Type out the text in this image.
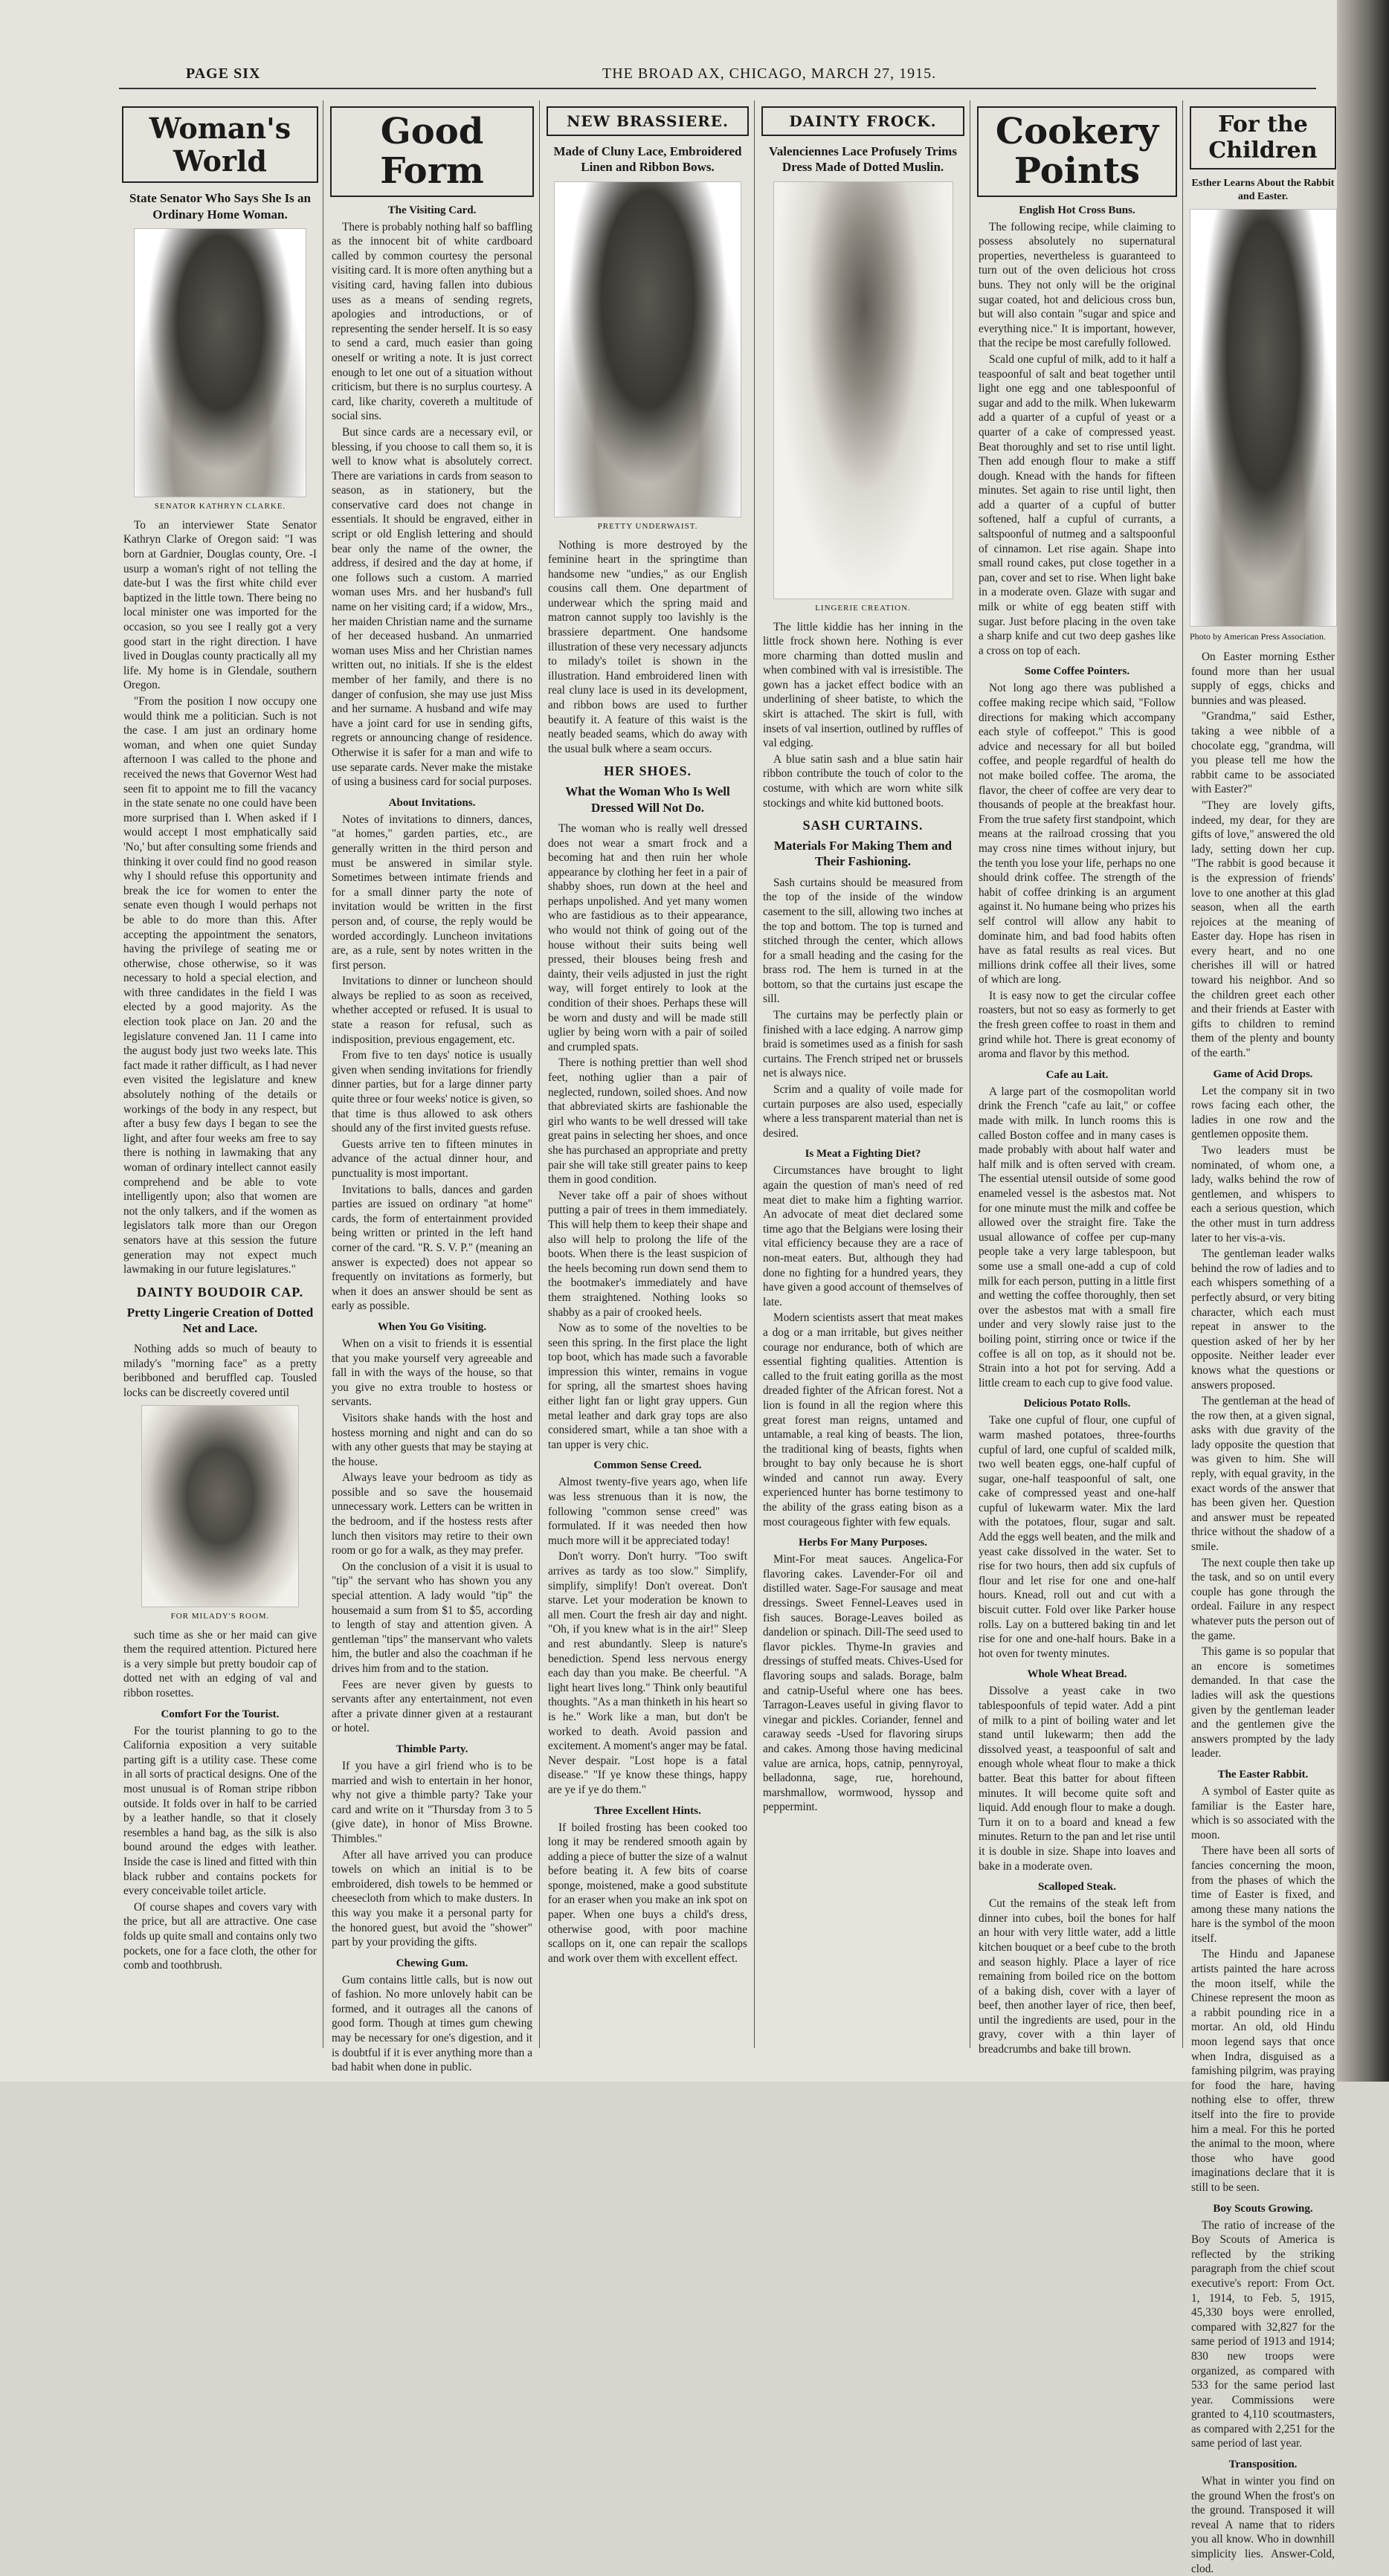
PAGE SIX	THE BROAD AX, CHICAGO, MARCH 27, 1915.
Woman's World
State Senator Who Says She Is an Ordinary Home Woman.
SENATOR KATHRYN CLARKE.
To an interviewer State Senator Kathryn Clarke of Oregon said: "I was born at Gardnier, Douglas county, Ore. -I usurp a woman's right of not telling the date-but I was the first white child ever baptized in the little town. There being no local minister one was imported for the occasion, so you see I really got a very good start in the right direction. I have lived in Douglas county practically all my life. My home is in Glendale, southern Oregon.
"From the position I now occupy one would think me a politician. Such is not the case. I am just an ordinary home woman, and when one quiet Sunday afternoon I was called to the phone and received the news that Governor West had seen fit to appoint me to fill the vacancy in the state senate no one could have been more surprised than I. When asked if I would accept I most emphatically said 'No,' but after consulting some friends and thinking it over could find no good reason why I should refuse this opportunity and break the ice for women to enter the senate even though I would perhaps not be able to do more than this. After accepting the appointment the senators, having the privilege of seating me or otherwise, chose otherwise, so it was necessary to hold a special election, and with three candidates in the field I was elected by a good majority. As the election took place on Jan. 20 and the legislature convened Jan. 11 I came into the august body just two weeks late. This fact made it rather difficult, as I had never even visited the legislature and knew absolutely nothing of the details or workings of the body in any respect, but after a busy few days I began to see the light, and after four weeks am free to say there is nothing in lawmaking that any woman of ordinary intellect cannot easily comprehend and be able to vote intelligently upon; also that women are not the only talkers, and if the women as legislators talk more than our Oregon senators have at this session the future generation may not expect much lawmaking in our future legislatures."
DAINTY BOUDOIR CAP.
Pretty Lingerie Creation of Dotted Net and Lace.
Nothing adds so much of beauty to milady's "morning face" as a pretty beribboned and beruffled cap. Tousled locks can be discreetly covered until
FOR MILADY'S ROOM.
such time as she or her maid can give them the required attention. Pictured here is a very simple but pretty boudoir cap of dotted net with an edging of val and ribbon rosettes.
Comfort For the Tourist.
For the tourist planning to go to the California exposition a very suitable parting gift is a utility case. These come in all sorts of practical designs. One of the most unusual is of Roman stripe ribbon outside. It folds over in half to be carried by a leather handle, so that it closely resembles a hand bag, as the silk is also bound around the edges with leather. Inside the case is lined and fitted with thin black rubber and contains pockets for every conceivable toilet article.
Of course shapes and covers vary with the price, but all are attractive. One case folds up quite small and contains only two pockets, one for a face cloth, the other for comb and toothbrush.
Good Form
The Visiting Card.
There is probably nothing half so baffling as the innocent bit of white cardboard called by common courtesy the personal visiting card. It is more often anything but a visiting card, having fallen into dubious uses as a means of sending regrets, apologies and introductions, or of representing the sender herself. It is so easy to send a card, much easier than going oneself or writing a note. It is just correct enough to let one out of a situation without criticism, but there is no surplus courtesy. A card, like charity, covereth a multitude of social sins.
But since cards are a necessary evil, or blessing, if you choose to call them so, it is well to know what is absolutely correct. There are variations in cards from season to season, as in stationery, but the conservative card does not change in essentials. It should be engraved, either in script or old English lettering and should bear only the name of the owner, the address, if desired and the day at home, if one follows such a custom. A married woman uses Mrs. and her husband's full name on her visiting card; if a widow, Mrs., her maiden Christian name and the surname of her deceased husband. An unmarried woman uses Miss and her Christian names written out, no initials. If she is the eldest member of her family, and there is no danger of confusion, she may use just Miss and her surname. A husband and wife may have a joint card for use in sending gifts, regrets or announcing change of residence. Otherwise it is safer for a man and wife to use separate cards. Never make the mistake of using a business card for social purposes.
About Invitations.
Notes of invitations to dinners, dances, "at homes," garden parties, etc., are generally written in the third person and must be answered in similar style. Sometimes between intimate friends and for a small dinner party the note of invitation would be written in the first person and, of course, the reply would be worded accordingly. Luncheon invitations are, as a rule, sent by notes written in the first person.
Invitations to dinner or luncheon should always be replied to as soon as received, whether accepted or refused. It is usual to state a reason for refusal, such as indisposition, previous engagement, etc.
From five to ten days' notice is usually given when sending invitations for friendly dinner parties, but for a large dinner party quite three or four weeks' notice is given, so that time is thus allowed to ask others should any of the first invited guests refuse.
Guests arrive ten to fifteen minutes in advance of the actual dinner hour, and punctuality is most important.
Invitations to balls, dances and garden parties are issued on ordinary "at home" cards, the form of entertainment provided being written or printed in the left hand corner of the card. "R. S. V. P." (meaning an answer is expected) does not appear so frequently on invitations as formerly, but when it does an answer should be sent as early as possible.
When You Go Visiting.
When on a visit to friends it is essential that you make yourself very agreeable and fall in with the ways of the house, so that you give no extra trouble to hostess or servants.
Visitors shake hands with the host and hostess morning and night and can do so with any other guests that may be staying at the house.
Always leave your bedroom as tidy as possible and so save the housemaid unnecessary work. Letters can be written in the bedroom, and if the hostess rests after lunch then visitors may retire to their own room or go for a walk, as they may prefer.
On the conclusion of a visit it is usual to "tip" the servant who has shown you any special attention. A lady would "tip" the housemaid a sum from $1 to $5, according to length of stay and attention given. A gentleman "tips" the manservant who valets him, the butler and also the coachman if he drives him from and to the station.
Fees are never given by guests to servants after any entertainment, not even after a private dinner given at a restaurant or hotel.
Thimble Party.
If you have a girl friend who is to be married and wish to entertain in her honor, why not give a thimble party? Take your card and write on it "Thursday from 3 to 5 (give date), in honor of Miss Browne. Thimbles."
After all have arrived you can produce towels on which an initial is to be embroidered, dish towels to be hemmed or cheesecloth from which to make dusters. In this way you make it a personal party for the honored guest, but avoid the "shower" part by your providing the gifts.
Chewing Gum.
Gum contains little calls, but is now out of fashion. No more unlovely habit can be formed, and it outrages all the canons of good form. Though at times gum chewing may be necessary for one's digestion, and it is doubtful if it is ever anything more than a bad habit when done in public.
NEW BRASSIERE.
Made of Cluny Lace, Embroidered Linen and Ribbon Bows.
PRETTY UNDERWAIST.
Nothing is more destroyed by the feminine heart in the springtime than handsome new "undies," as our English cousins call them. One department of underwear which the spring maid and matron cannot supply too lavishly is the brassiere department. One handsome illustration of these very necessary adjuncts to milady's toilet is shown in the illustration. Hand embroidered linen with real cluny lace is used in its development, and ribbon bows are used to further beautify it. A feature of this waist is the neatly beaded seams, which do away with the usual bulk where a seam occurs.
HER SHOES.
What the Woman Who Is Well Dressed Will Not Do.
The woman who is really well dressed does not wear a smart frock and a becoming hat and then ruin her whole appearance by clothing her feet in a pair of shabby shoes, run down at the heel and perhaps unpolished. And yet many women who are fastidious as to their appearance, who would not think of going out of the house without their suits being well pressed, their blouses being fresh and dainty, their veils adjusted in just the right way, will forget entirely to look at the condition of their shoes. Perhaps these will be worn and dusty and will be made still uglier by being worn with a pair of soiled and crumpled spats.
There is nothing prettier than well shod feet, nothing uglier than a pair of neglected, rundown, soiled shoes. And now that abbreviated skirts are fashionable the girl who wants to be well dressed will take great pains in selecting her shoes, and once she has purchased an appropriate and pretty pair she will take still greater pains to keep them in good condition.
Never take off a pair of shoes without putting a pair of trees in them immediately. This will help them to keep their shape and also will help to prolong the life of the boots. When there is the least suspicion of the heels becoming run down send them to the bootmaker's immediately and have them straightened. Nothing looks so shabby as a pair of crooked heels.
Now as to some of the novelties to be seen this spring. In the first place the light top boot, which has made such a favorable impression this winter, remains in vogue for spring, all the smartest shoes having either light fan or light gray uppers. Gun metal leather and dark gray tops are also considered smart, while a tan shoe with a tan upper is very chic.
Common Sense Creed.
Almost twenty-five years ago, when life was less strenuous than it is now, the following "common sense creed" was formulated. If it was needed then how much more will it be appreciated today!
Don't worry. Don't hurry. "Too swift arrives as tardy as too slow." Simplify, simplify, simplify! Don't overeat. Don't starve. Let your moderation be known to all men. Court the fresh air day and night. "Oh, if you knew what is in the air!" Sleep and rest abundantly. Sleep is nature's benediction. Spend less nervous energy each day than you make. Be cheerful. "A light heart lives long." Think only beautiful thoughts. "As a man thinketh in his heart so is he." Work like a man, but don't be worked to death. Avoid passion and excitement. A moment's anger may be fatal. Never despair. "Lost hope is a fatal disease." "If ye know these things, happy are ye if ye do them."
Three Excellent Hints.
If boiled frosting has been cooked too long it may be rendered smooth again by adding a piece of butter the size of a walnut before beating it. A few bits of coarse sponge, moistened, make a good substitute for an eraser when you make an ink spot on paper. When one buys a child's dress, otherwise good, with poor machine scallops on it, one can repair the scallops and work over them with excellent effect.
DAINTY FROCK.
Valenciennes Lace Profusely Trims Dress Made of Dotted Muslin.
LINGERIE CREATION.
The little kiddie has her inning in the little frock shown here. Nothing is ever more charming than dotted muslin and when combined with val is irresistible. The gown has a jacket effect bodice with an underlining of sheer batiste, to which the skirt is attached. The skirt is full, with insets of val insertion, outlined by ruffles of val edging.
A blue satin sash and a blue satin hair ribbon contribute the touch of color to the costume, with which are worn white silk stockings and white kid buttoned boots.
SASH CURTAINS.
Materials For Making Them and Their Fashioning.
Sash curtains should be measured from the top of the inside of the window casement to the sill, allowing two inches at the top and bottom. The top is turned and stitched through the center, which allows for a small heading and the casing for the brass rod. The hem is turned in at the bottom, so that the curtains just escape the sill.
The curtains may be perfectly plain or finished with a lace edging. A narrow gimp braid is sometimes used as a finish for sash curtains. The French striped net or brussels net is always nice.
Scrim and a quality of voile made for curtain purposes are also used, especially where a less transparent material than net is desired.
Is Meat a Fighting Diet?
Circumstances have brought to light again the question of man's need of red meat diet to make him a fighting warrior. An advocate of meat diet declared some time ago that the Belgians were losing their vital efficiency because they are a race of non-meat eaters. But, although they had done no fighting for a hundred years, they have given a good account of themselves of late.
Modern scientists assert that meat makes a dog or a man irritable, but gives neither courage nor endurance, both of which are essential fighting qualities. Attention is called to the fruit eating gorilla as the most dreaded fighter of the African forest. Not a lion is found in all the region where this great forest man reigns, untamed and untamable, a real king of beasts. The lion, the traditional king of beasts, fights when brought to bay only because he is short winded and cannot run away. Every experienced hunter has borne testimony to the ability of the grass eating bison as a most courageous fighter with few equals.
Herbs For Many Purposes.
Mint-For meat sauces. Angelica-For flavoring cakes. Lavender-For oil and distilled water. Sage-For sausage and meat dressings. Sweet Fennel-Leaves used in fish sauces. Borage-Leaves boiled as dandelion or spinach. Dill-The seed used to flavor pickles. Thyme-In gravies and dressings of stuffed meats. Chives-Used for flavoring soups and salads. Borage, balm and catnip-Useful where one has bees. Tarragon-Leaves useful in giving flavor to vinegar and pickles. Coriander, fennel and caraway seeds -Used for flavoring sirups and cakes. Among those having medicinal value are arnica, hops, catnip, pennyroyal, belladonna, sage, rue, horehound, marshmallow, wormwood, hyssop and peppermint.
Cookery Points
English Hot Cross Buns.
The following recipe, while claiming to possess absolutely no supernatural properties, nevertheless is guaranteed to turn out of the oven delicious hot cross buns. They not only will be the original sugar coated, hot and delicious cross bun, but will also contain "sugar and spice and everything nice." It is important, however, that the recipe be most carefully followed.
Scald one cupful of milk, add to it half a teaspoonful of salt and beat together until light one egg and one tablespoonful of sugar and add to the milk. When lukewarm add a quarter of a cupful of yeast or a quarter of a cake of compressed yeast. Beat thoroughly and set to rise until light. Then add enough flour to make a stiff dough. Knead with the hands for fifteen minutes. Set again to rise until light, then add a quarter of a cupful of butter softened, half a cupful of currants, a saltspoonful of nutmeg and a saltspoonful of cinnamon. Let rise again. Shape into small round cakes, put close together in a pan, cover and set to rise. When light bake in a moderate oven. Glaze with sugar and milk or white of egg beaten stiff with sugar. Just before placing in the oven take a sharp knife and cut two deep gashes like a cross on top of each.
Some Coffee Pointers.
Not long ago there was published a coffee making recipe which said, "Follow directions for making which accompany each style of coffeepot." This is good advice and necessary for all but boiled coffee, and people regardful of health do not make boiled coffee. The aroma, the flavor, the cheer of coffee are very dear to thousands of people at the breakfast hour. From the true safety first standpoint, which means at the railroad crossing that you may cross nine times without injury, but the tenth you lose your life, perhaps no one should drink coffee. The strength of the habit of coffee drinking is an argument against it. No humane being who prizes his self control will allow any habit to dominate him, and bad food habits often have as fatal results as real vices. But millions drink coffee all their lives, some of which are long.
It is easy now to get the circular coffee roasters, but not so easy as formerly to get the fresh green coffee to roast in them and grind while hot. There is great economy of aroma and flavor by this method.
Cafe au Lait.
A large part of the cosmopolitan world drink the French "cafe au lait," or coffee made with milk. In lunch rooms this is called Boston coffee and in many cases is made probably with about half water and half milk and is often served with cream. The essential utensil outside of some good enameled vessel is the asbestos mat. Not for one minute must the milk and coffee be allowed over the straight fire. Take the usual allowance of coffee per cup-many people take a very large tablespoon, but some use a small one-add a cup of cold milk for each person, putting in a little first and wetting the coffee thoroughly, then set over the asbestos mat with a small fire under and very slowly raise just to the boiling point, stirring once or twice if the coffee is all on top, as it should not be. Strain into a hot pot for serving. Add a little cream to each cup to give food value.
Delicious Potato Rolls.
Take one cupful of flour, one cupful of warm mashed potatoes, three-fourths cupful of lard, one cupful of scalded milk, two well beaten eggs, one-half cupful of sugar, one-half teaspoonful of salt, one cake of compressed yeast and one-half cupful of lukewarm water. Mix the lard with the potatoes, flour, sugar and salt. Add the eggs well beaten, and the milk and yeast cake dissolved in the water. Set to rise for two hours, then add six cupfuls of flour and let rise for one and one-half hours. Knead, roll out and cut with a biscuit cutter. Fold over like Parker house rolls. Lay on a buttered baking tin and let rise for one and one-half hours. Bake in a hot oven for twenty minutes.
Whole Wheat Bread.
Dissolve a yeast cake in two tablespoonfuls of tepid water. Add a pint of milk to a pint of boiling water and let stand until lukewarm; then add the dissolved yeast, a teaspoonful of salt and enough whole wheat flour to make a thick batter. Beat this batter for about fifteen minutes. It will become quite soft and liquid. Add enough flour to make a dough. Turn it on to a board and knead a few minutes. Return to the pan and let rise until it is double in size. Shape into loaves and bake in a moderate oven.
Scalloped Steak.
Cut the remains of the steak left from dinner into cubes, boil the bones for half an hour with very little water, add a little kitchen bouquet or a beef cube to the broth and season highly. Place a layer of rice remaining from boiled rice on the bottom of a baking dish, cover with a layer of beef, then another layer of rice, then beef, until the ingredients are used, pour in the gravy, cover with a thin layer of breadcrumbs and bake till brown.
For the Children
Esther Learns About the Rabbit and Easter.
Photo by American Press Association.
On Easter morning Esther found more than her usual supply of eggs, chicks and bunnies and was pleased.
"Grandma," said Esther, taking a wee nibble of a chocolate egg, "grandma, will you please tell me how the rabbit came to be associated with Easter?"
"They are lovely gifts, indeed, my dear, for they are gifts of love," answered the old lady, setting down her cup. "The rabbit is good because it is the expression of friends' love to one another at this glad season, when all the earth rejoices at the meaning of Easter day. Hope has risen in every heart, and no one cherishes ill will or hatred toward his neighbor. And so the children greet each other and their friends at Easter with gifts to children to remind them of the plenty and bounty of the earth."
Game of Acid Drops.
Let the company sit in two rows facing each other, the ladies in one row and the gentlemen opposite them.
Two leaders must be nominated, of whom one, a lady, walks behind the row of gentlemen, and whispers to each a serious question, which the other must in turn address later to her vis-a-vis.
The gentleman leader walks behind the row of ladies and to each whispers something of a perfectly absurd, or very biting character, which each must repeat in answer to the question asked of her by her opposite. Neither leader ever knows what the questions or answers proposed.
The gentleman at the head of the row then, at a given signal, asks with due gravity of the lady opposite the question that was given to him. She will reply, with equal gravity, in the exact words of the answer that has been given her. Question and answer must be repeated thrice without the shadow of a smile.
The next couple then take up the task, and so on until every couple has gone through the ordeal. Failure in any respect whatever puts the person out of the game.
This game is so popular that an encore is sometimes demanded. In that case the ladies will ask the questions given by the gentleman leader and the gentlemen give the answers prompted by the lady leader.
The Easter Rabbit.
A symbol of Easter quite as familiar is the Easter hare, which is so associated with the moon.
There have been all sorts of fancies concerning the moon, from the phases of which the time of Easter is fixed, and among these many nations the hare is the symbol of the moon itself.
The Hindu and Japanese artists painted the hare across the moon itself, while the Chinese represent the moon as a rabbit pounding rice in a mortar. An old, old Hindu moon legend says that once when Indra, disguised as a famishing pilgrim, was praying for food the hare, having nothing else to offer, threw itself into the fire to provide him a meal. For this he ported the animal to the moon, where those who have good imaginations declare that it is still to be seen.
Boy Scouts Growing.
The ratio of increase of the Boy Scouts of America is reflected by the striking paragraph from the chief scout executive's report: From Oct. 1, 1914, to Feb. 5, 1915, 45,330 boys were enrolled, compared with 32,827 for the same period of 1913 and 1914; 830 new troops were organized, as compared with 533 for the same period last year. Commissions were granted to 4,110 scoutmasters, as compared with 2,251 for the same period of last year.
Transposition.
What in winter you find on the ground When the frost's on the ground. Transposed it will reveal A name that to riders you all know. Who in downhill simplicity lies. Answer-Cold, clod.
